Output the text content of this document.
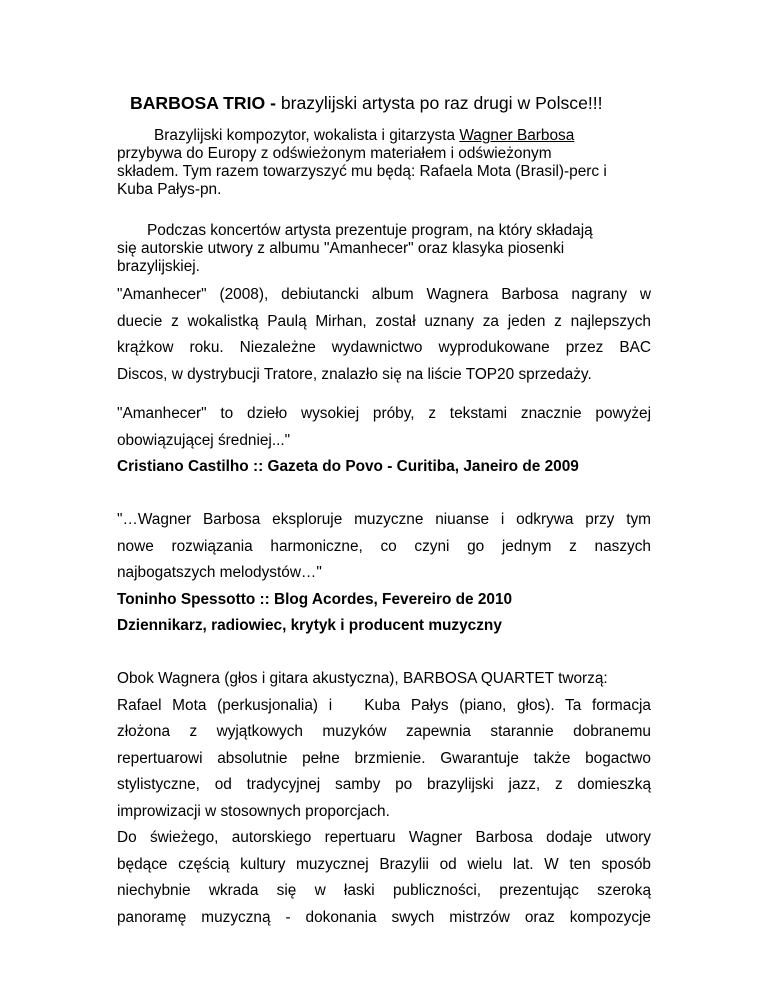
BARBOSA TRIO - brazylijski artysta po raz drugi w Polsce!!!
Brazylijski kompozytor, wokalista i gitarzysta Wagner Barbosa
przybywa do Europy z odświeżonym materiałem i odświeżonym
składem. Tym razem towarzyszyć mu będą: Rafaela Mota (Brasil)-perc i
Kuba Pałys-pn.
Podczas koncertów artysta prezentuje program, na który składają
się autorskie utwory z albumu "Amanhecer" oraz klasyka piosenki
brazylijskiej.
"Amanhecer" (2008), debiutancki album Wagnera Barbosa nagrany w
duecie z wokalistką Paulą Mirhan, został uznany za jeden z najlepszych
krążkow roku. Niezależne wydawnictwo wyprodukowane przez BAC
Discos, w dystrybucji Tratore, znalazło się na liście TOP20 sprzedaży.
"Amanhecer" to dzieło wysokiej próby, z tekstami znacznie powyżej
obowiązującej średniej..."
Cristiano Castilho :: Gazeta do Povo - Curitiba, Janeiro de 2009
"…Wagner Barbosa eksploruje muzyczne niuanse i odkrywa przy tym
nowe rozwiązania harmoniczne, co czyni go jednym z naszych
najbogatszych melodystów…"
Toninho Spessotto :: Blog Acordes, Fevereiro de 2010
Dziennikarz, radiowiec, krytyk i producent muzyczny
Obok Wagnera (głos i gitara akustyczna), BARBOSA QUARTET tworzą:
Rafael Mota (perkusjonalia) i   Kuba Pałys (piano, głos). Ta formacja
złożona z wyjątkowych muzyków zapewnia starannie dobranemu
repertuarowi absolutnie pełne brzmienie. Gwarantuje także bogactwo
stylistyczne, od tradycyjnej samby po brazylijski jazz, z domieszką
improwizacji w stosownych proporcjach.
Do świeżego, autorskiego repertuaru Wagner Barbosa dodaje utwory
będące częścią kultury muzycznej Brazylii od wielu lat. W ten sposób
niechybnie wkrada się w łaski publiczności, prezentując szeroką
panoramę muzyczną - dokonania swych mistrzów oraz kompozycje
